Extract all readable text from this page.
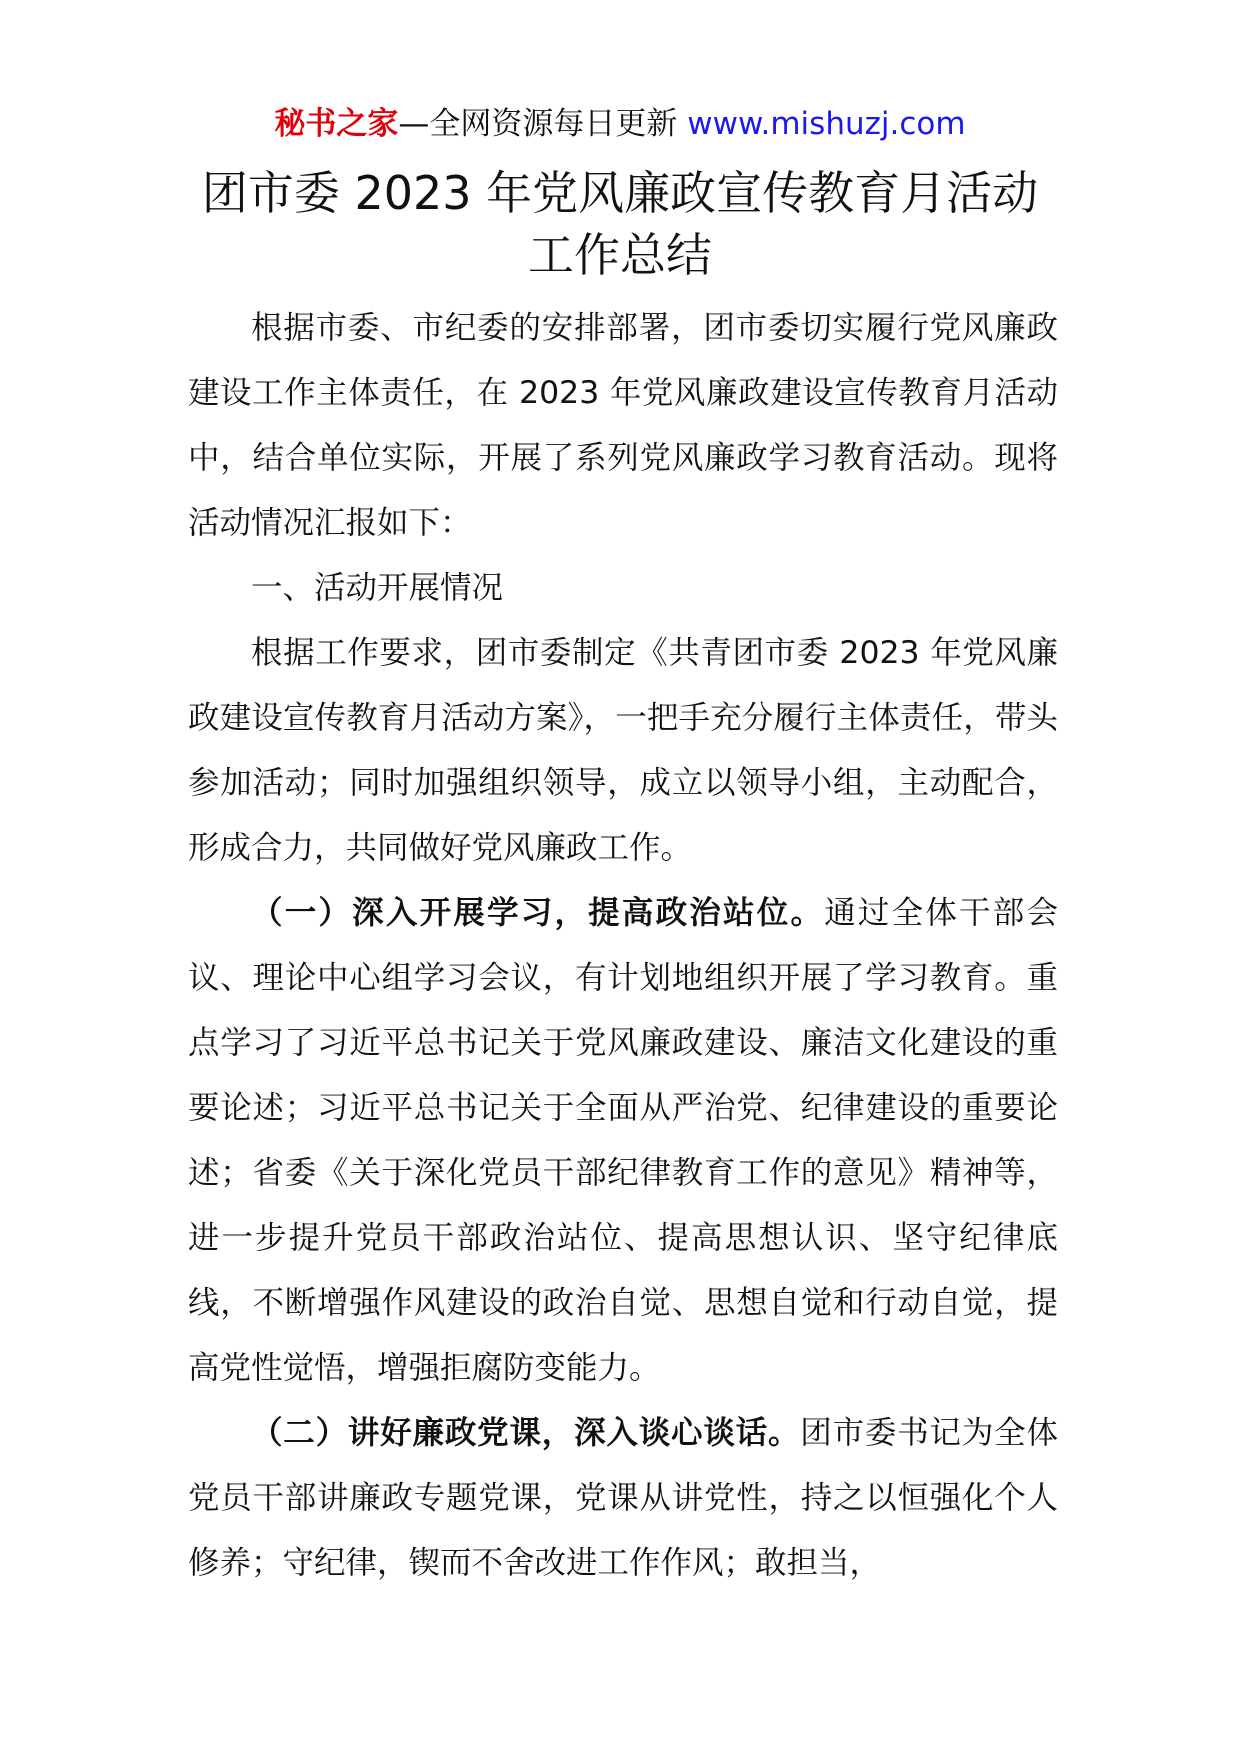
秘书之家—全网资源每日更新 www.mishuzj.com
团市委 2023 年党风廉政宣传教育月活动
工作总结

根据市委、市纪委的安排部署，团市委切实履行党风廉政建设工作主体责任，在 2023 年党风廉政建设宣传教育月活动中，结合单位实际，开展了系列党风廉政学习教育活动。现将活动情况汇报如下：

一、活动开展情况

根据工作要求，团市委制定《共青团市委 2023 年党风廉政建设宣传教育月活动方案》，一把手充分履行主体责任，带头参加活动；同时加强组织领导，成立以领导小组，主动配合，形成合力，共同做好党风廉政工作。

（一）深入开展学习，提高政治站位。通过全体干部会议、理论中心组学习会议，有计划地组织开展了学习教育。重点学习了习近平总书记关于党风廉政建设、廉洁文化建设的重要论述；习近平总书记关于全面从严治党、纪律建设的重要论述；省委《关于深化党员干部纪律教育工作的意见》精神等，进一步提升党员干部政治站位、提高思想认识、坚守纪律底线，不断增强作风建设的政治自觉、思想自觉和行动自觉，提高党性觉悟，增强拒腐防变能力。

（二）讲好廉政党课，深入谈心谈话。团市委书记为全体党员干部讲廉政专题党课，党课从讲党性，持之以恒强化个人修养；守纪律，锲而不舍改进工作作风；敢担当，
